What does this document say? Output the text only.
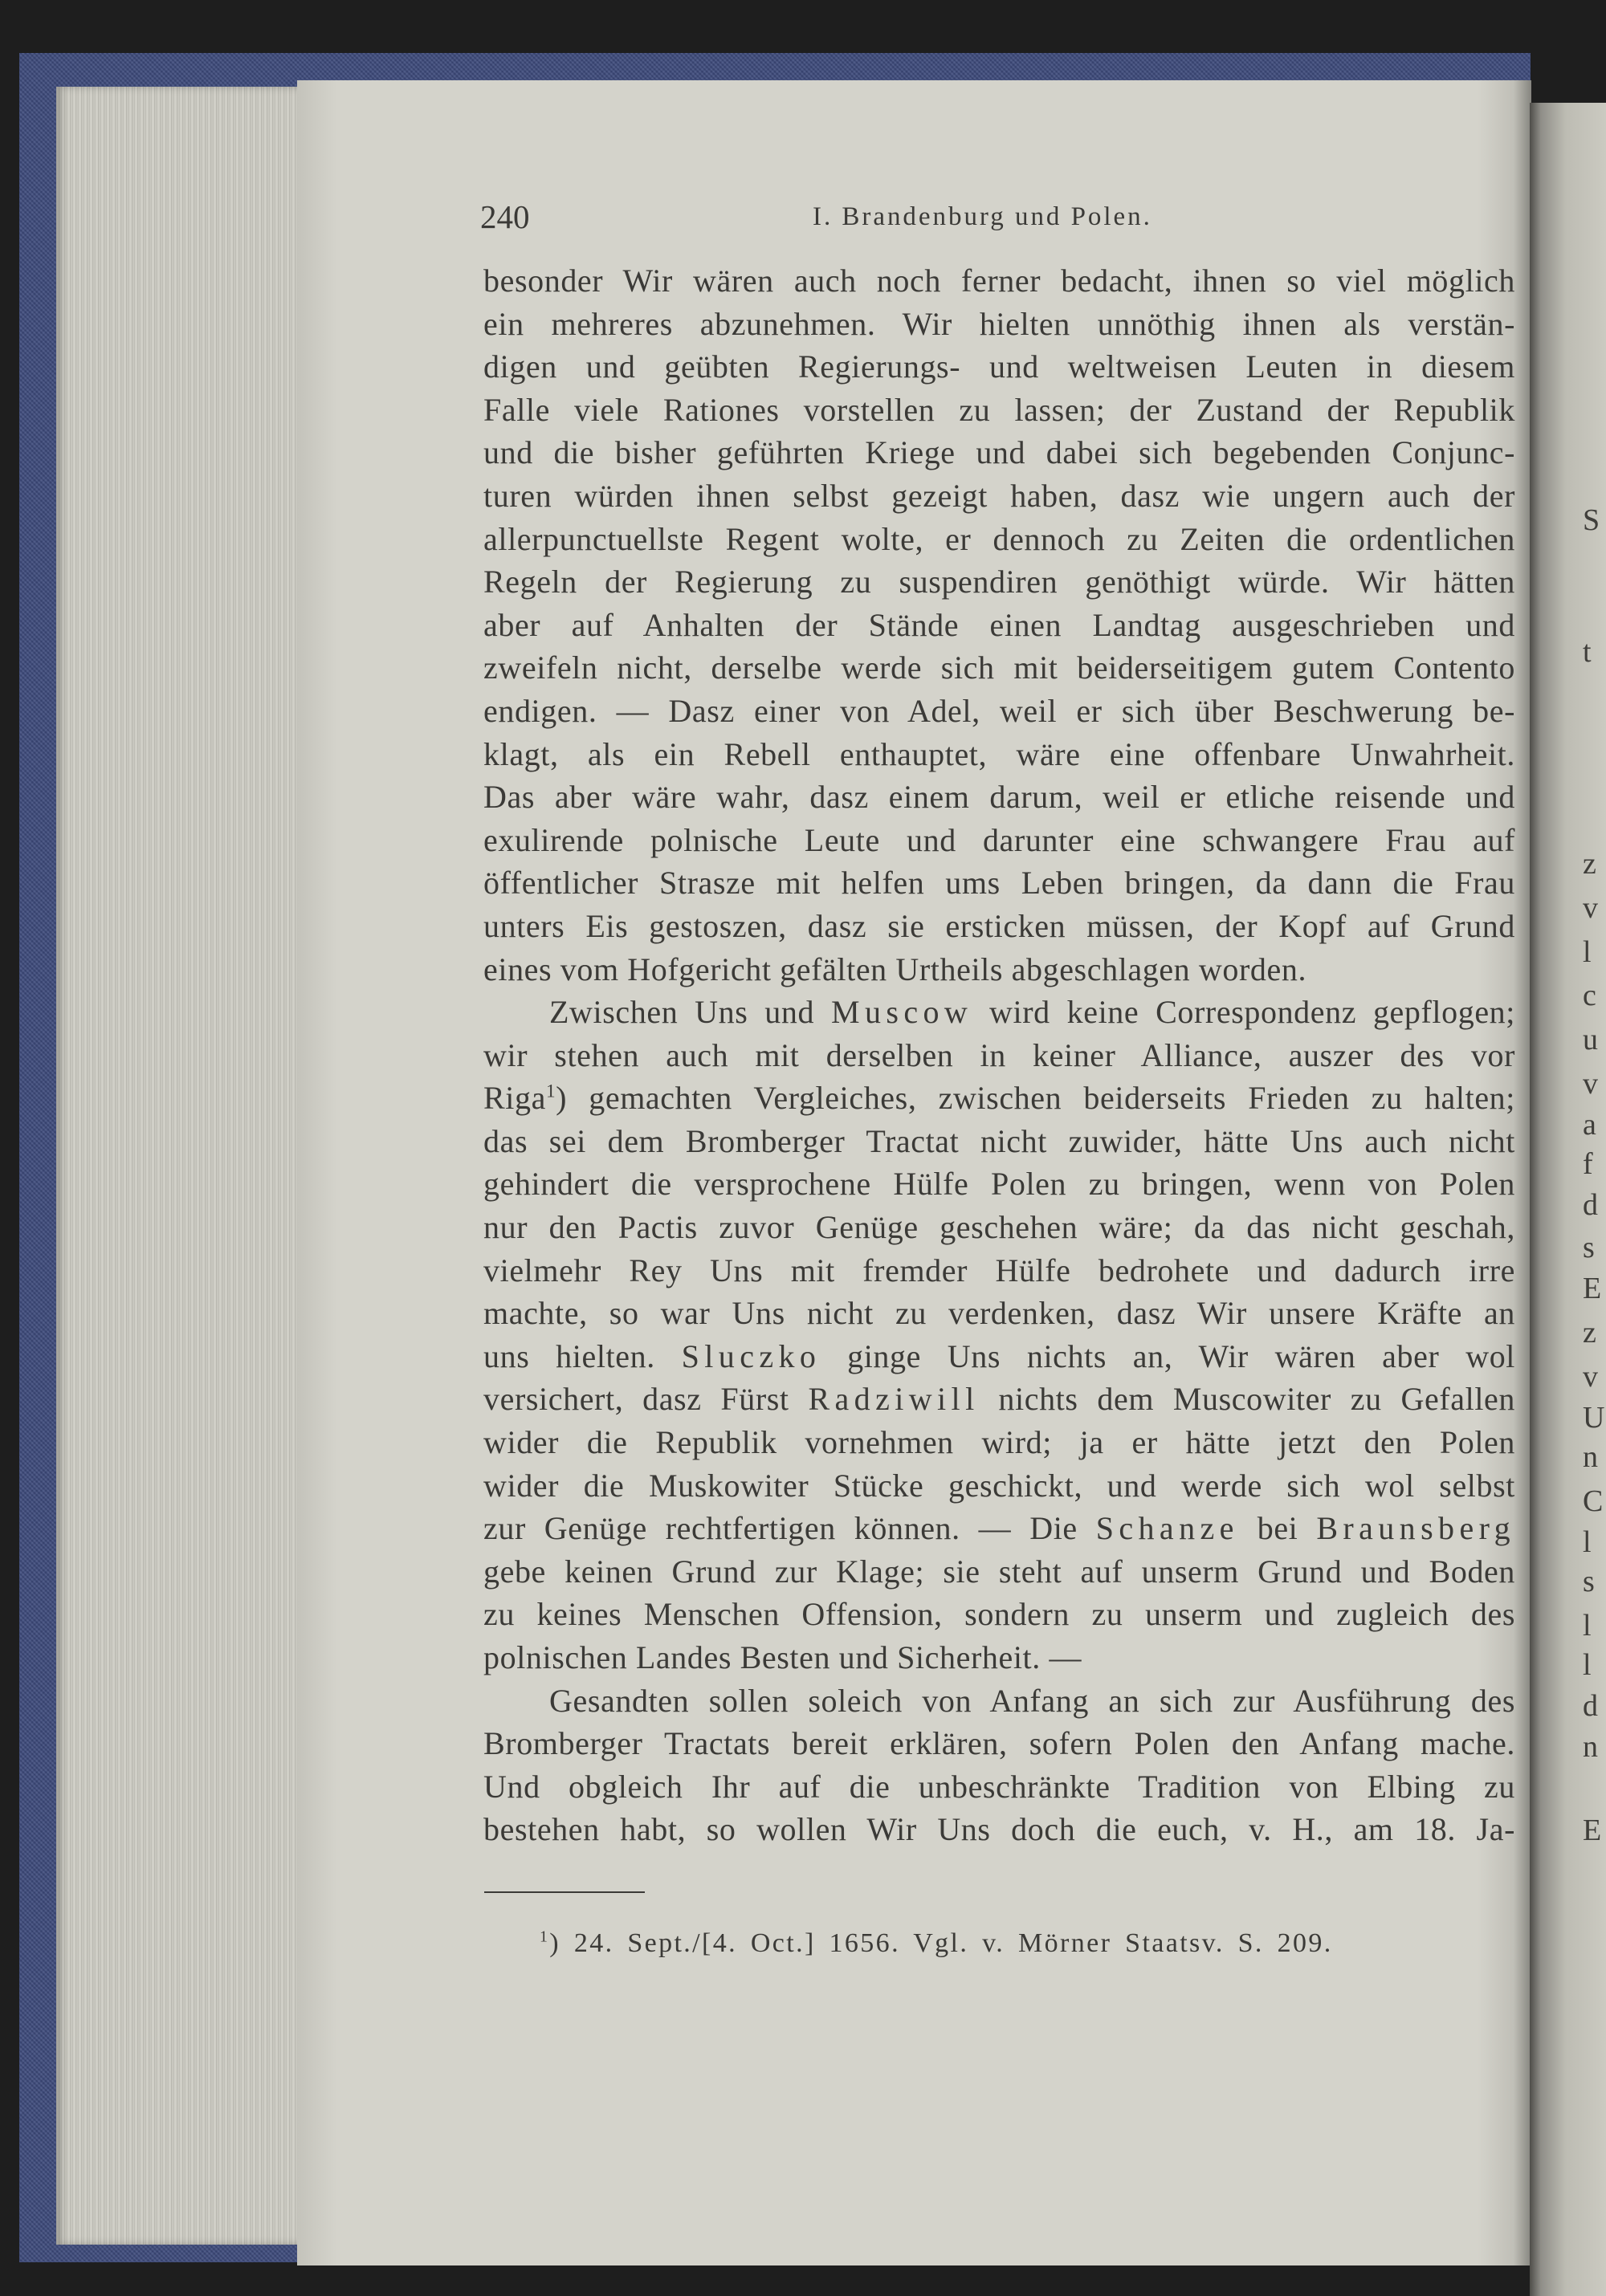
S
t
z
v
l
c
u
v
a
f
d
s
E
z
v
U
n
C
l
s
l
l
d
n
E
240	I. Brandenburg und Polen.
besonder Wir wären auch noch ferner bedacht, ihnen so viel möglich
ein mehreres abzunehmen. Wir hielten unnöthig ihnen als verstän-
digen und geübten Regierungs- und weltweisen Leuten in diesem
Falle viele Rationes vorstellen zu lassen; der Zustand der Republik
und die bisher geführten Kriege und dabei sich begebenden Conjunc-
turen würden ihnen selbst gezeigt haben, dasz wie ungern auch der
allerpunctuellste Regent wolte, er dennoch zu Zeiten die ordentlichen
Regeln der Regierung zu suspendiren genöthigt würde. Wir hätten
aber auf Anhalten der Stände einen Landtag ausgeschrieben und
zweifeln nicht, derselbe werde sich mit beiderseitigem gutem Contento
endigen. — Dasz einer von Adel, weil er sich über Beschwerung be-
klagt, als ein Rebell enthauptet, wäre eine offenbare Unwahrheit.
Das aber wäre wahr, dasz einem darum, weil er etliche reisende und
exulirende polnische Leute und darunter eine schwangere Frau auf
öffentlicher Strasze mit helfen ums Leben bringen, da dann die Frau
unters Eis gestoszen, dasz sie ersticken müssen, der Kopf auf Grund
eines vom Hofgericht gefälten Urtheils abgeschlagen worden.
Zwischen Uns und Muscow wird keine Correspondenz gepflogen;
wir stehen auch mit derselben in keiner Alliance, auszer des vor
Riga$^1$) gemachten Vergleiches, zwischen beiderseits Frieden zu halten;
das sei dem Bromberger Tractat nicht zuwider, hätte Uns auch nicht
gehindert die versprochene Hülfe Polen zu bringen, wenn von Polen
nur den Pactis zuvor Genüge geschehen wäre; da das nicht geschah,
vielmehr Rey Uns mit fremder Hülfe bedrohete und dadurch irre
machte, so war Uns nicht zu verdenken, dasz Wir unsere Kräfte an
uns hielten. Sluczko ginge Uns nichts an, Wir wären aber wol
versichert, dasz Fürst Radziwill nichts dem Muscowiter zu Gefallen
wider die Republik vornehmen wird; ja er hätte jetzt den Polen
wider die Muskowiter Stücke geschickt, und werde sich wol selbst
zur Genüge rechtfertigen können. — Die Schanze bei Braunsberg
gebe keinen Grund zur Klage; sie steht auf unserm Grund und Boden
zu keines Menschen Offension, sondern zu unserm und zugleich des
polnischen Landes Besten und Sicherheit. —
Gesandten sollen soleich von Anfang an sich zur Ausführung des
Bromberger Tractats bereit erklären, sofern Polen den Anfang mache.
Und obgleich Ihr auf die unbeschränkte Tradition von Elbing zu
bestehen habt, so wollen Wir Uns doch die euch, v. H., am 18. Ja-
$^1$) 24. Sept./[4. Oct.] 1656. Vgl. v. Mörner Staatsv. S. 209.
